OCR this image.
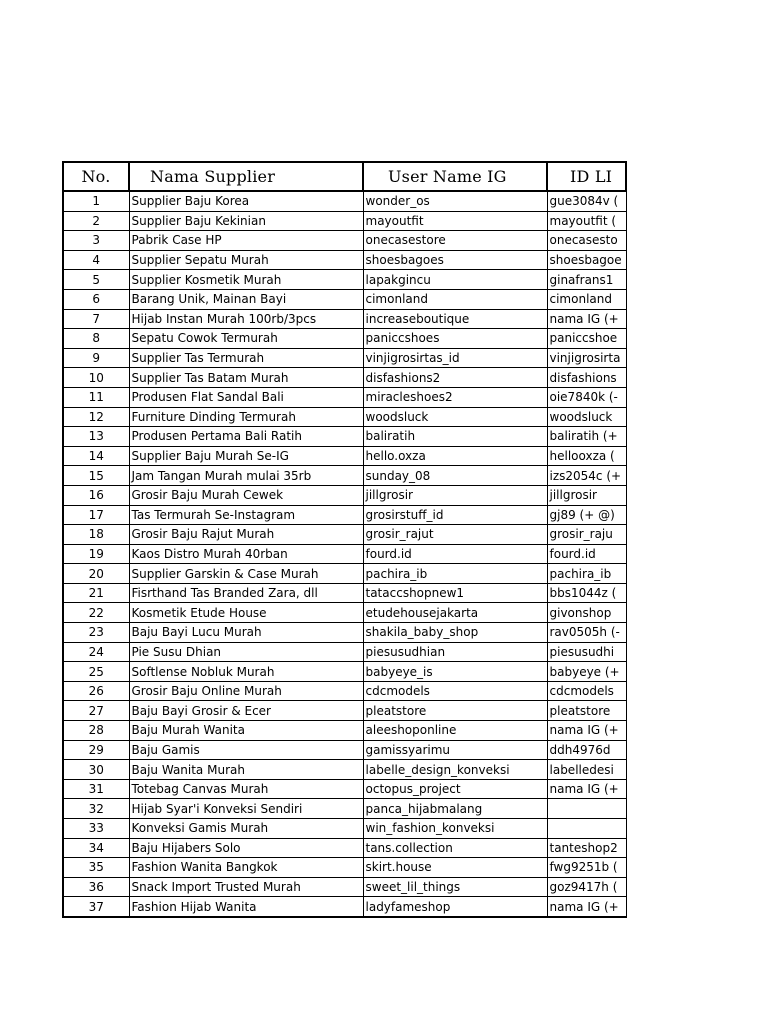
No.	Nama Supplier	User Name IG	ID LI
1	Supplier Baju Korea	wonder_os	gue3084v (
2	Supplier Baju Kekinian	mayoutfit	mayoutfit (
3	Pabrik Case HP	onecasestore	onecasesto
4	Supplier Sepatu Murah	shoesbagoes	shoesbagoe
5	Supplier Kosmetik Murah	lapakgincu	ginafrans1
6	Barang Unik, Mainan Bayi	cimonland	cimonland
7	Hijab Instan Murah 100rb/3pcs	increaseboutique	nama IG (+
8	Sepatu Cowok Termurah	paniccshoes	paniccshoe
9	Supplier Tas Termurah	vinjigrosirtas_id	vinjigrosirta
10	Supplier Tas Batam Murah	disfashions2	disfashions
11	Produsen Flat Sandal Bali	miracleshoes2	oie7840k (-
12	Furniture Dinding Termurah	woodsluck	woodsluck
13	Produsen Pertama Bali Ratih	baliratih	baliratih (+
14	Supplier Baju Murah Se-IG	hello.oxza	hellooxza (
15	Jam Tangan Murah mulai 35rb	sunday_08	izs2054c (+
16	Grosir Baju Murah Cewek	jillgrosir	jillgrosir
17	Tas Termurah Se-Instagram	grosirstuff_id	gj89 (+ @)
18	Grosir Baju Rajut Murah	grosir_rajut	grosir_raju
19	Kaos Distro Murah 40rban	fourd.id	fourd.id
20	Supplier Garskin & Case Murah	pachira_ib	pachira_ib
21	Fisrthand Tas Branded Zara, dll	tataccshopnew1	bbs1044z (
22	Kosmetik Etude House	etudehousejakarta	givonshop
23	Baju Bayi Lucu Murah	shakila_baby_shop	rav0505h (-
24	Pie Susu Dhian	piesusudhian	piesusudhi
25	Softlense Nobluk Murah	babyeye_is	babyeye (+
26	Grosir Baju Online Murah	cdcmodels	cdcmodels
27	Baju Bayi Grosir & Ecer	pleatstore	pleatstore
28	Baju Murah Wanita	aleeshoponline	nama IG (+
29	Baju Gamis	gamissyarimu	ddh4976d
30	Baju Wanita Murah	labelle_design_konveksi	labelledesi
31	Totebag Canvas Murah	octopus_project	nama IG (+
32	Hijab Syar'i Konveksi Sendiri	panca_hijabmalang	
33	Konveksi Gamis Murah	win_fashion_konveksi	
34	Baju Hijabers Solo	tans.collection	tanteshop2
35	Fashion Wanita Bangkok	skirt.house	fwg9251b (
36	Snack Import Trusted Murah	sweet_lil_things	goz9417h (
37	Fashion Hijab Wanita	ladyfameshop	nama IG (+
